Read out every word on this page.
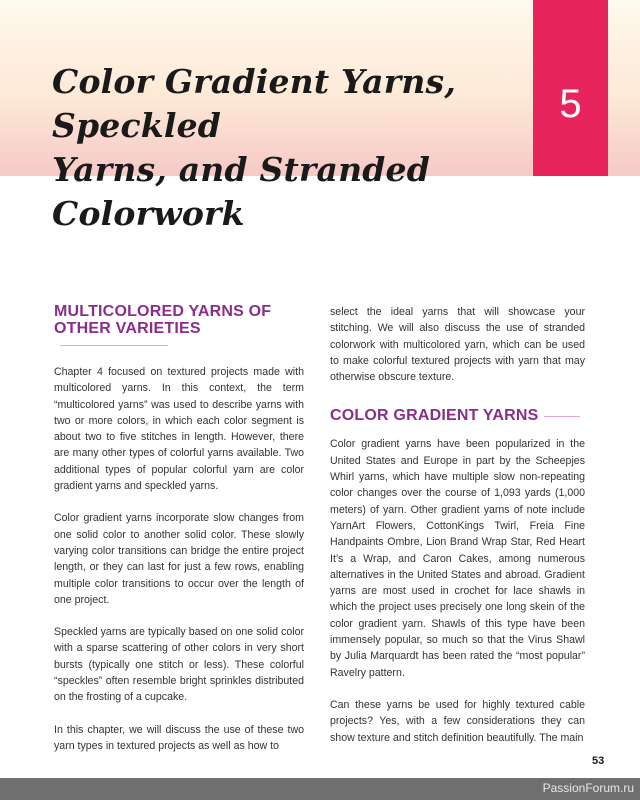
Color Gradient Yarns, Speckled
Yarns, and Stranded Colorwork
5
MULTICOLORED YARNS OF
OTHER VARIETIES

Chapter 4 focused on textured projects made with multicolored yarns. In this context, the term “multicolored yarns” was used to describe yarns with two or more colors, in which each color segment is about two to five stitches in length. However, there are many other types of colorful yarns available. Two additional types of popular colorful yarn are color gradient yarns and speckled yarns.

Color gradient yarns incorporate slow changes from one solid color to another solid color. These slowly varying color transitions can bridge the entire project length, or they can last for just a few rows, enabling multiple color transitions to occur over the length of one project.

Speckled yarns are typically based on one solid color with a sparse scattering of other colors in very short bursts (typically one stitch or less). These colorful “speckles” often resemble bright sprinkles distributed on the frosting of a cupcake.

In this chapter, we will discuss the use of these two yarn types in textured projects as well as how to

select the ideal yarns that will showcase your stitching. We will also discuss the use of stranded colorwork with multicolored yarn, which can be used to make colorful textured projects with yarn that may otherwise obscure texture.

COLOR GRADIENT YARNS

Color gradient yarns have been popularized in the United States and Europe in part by the Scheepjes Whirl yarns, which have multiple slow non-repeating color changes over the course of 1,093 yards (1,000 meters) of yarn. Other gradient yarns of note include YarnArt Flowers, CottonKings Twirl, Freia Fine Handpaints Ombre, Lion Brand Wrap Star, Red Heart It’s a Wrap, and Caron Cakes, among numerous alternatives in the United States and abroad. Gradient yarns are most used in crochet for lace shawls in which the project uses precisely one long skein of the color gradient yarn. Shawls of this type have been immensely popular, so much so that the Virus Shawl by Julia Marquardt has been rated the “most popular” Ravelry pattern.

Can these yarns be used for highly textured cable projects? Yes, with a few considerations they can show texture and stitch definition beautifully. The main

53
PassionForum.ru
